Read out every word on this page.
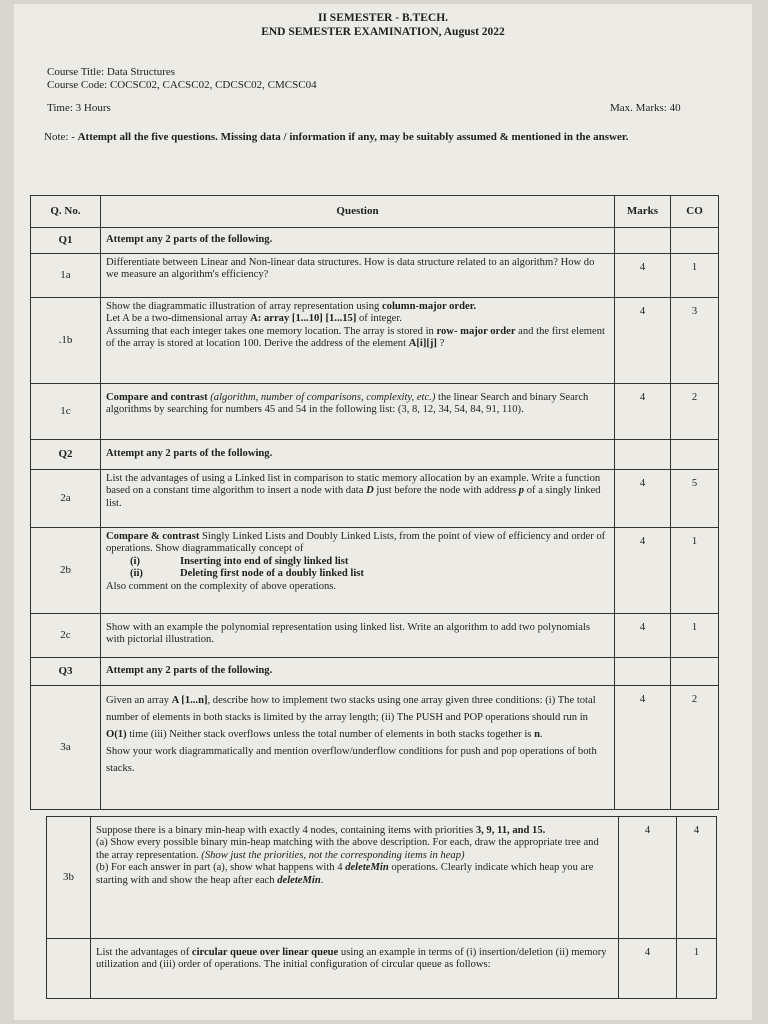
II SEMESTER - B.TECH.
END SEMESTER EXAMINATION, August 2022
Course Title: Data Structures
Course Code: COCSC02, CACSC02, CDCSC02, CMCSC04
Time: 3 Hours	Max. Marks: 40
Note: - Attempt all the five questions. Missing data / information if any, may be suitably assumed & mentioned in the answer.
Q. No.	Question	Marks	CO
Q1	Attempt any 2 parts of the following.		
1a	Differentiate between Linear and Non-linear data structures. How is data structure related to an algorithm? How do we measure an algorithm's efficiency?	4	1
.1b	Show the diagrammatic illustration of array representation using column-major order.
Let A be a two-dimensional array A: array [1...10] [1...15] of integer.
Assuming that each integer takes one memory location. The array is stored in row- major order and the first element of the array is stored at location 100. Derive the address of the element A[i][j] ?	4	3
1c	Compare and contrast (algorithm, number of comparisons, complexity, etc.) the linear Search and binary Search algorithms by searching for numbers 45 and 54 in the following list: (3, 8, 12, 34, 54, 84, 91, 110).	4	2
Q2	Attempt any 2 parts of the following.		
2a	List the advantages of using a Linked list in comparison to static memory allocation by an example. Write a function based on a constant time algorithm to insert a node with data D just before the node with address p of a singly linked list.	4	5
2b	Compare & contrast Singly Linked Lists and Doubly Linked Lists, from the point of view of efficiency and order of operations. Show diagrammatically concept of
(i) Inserting into end of singly linked list
(ii) Deleting first node of a doubly linked list
Also comment on the complexity of above operations.	4	1
2c	Show with an example the polynomial representation using linked list. Write an algorithm to add two polynomials with pictorial illustration.	4	1
Q3	Attempt any 2 parts of the following.		
3a	Given an array A [1...n], describe how to implement two stacks using one array given three conditions: (i) The total number of elements in both stacks is limited by the array length; (ii) The PUSH and POP operations should run in O(1) time (iii) Neither stack overflows unless the total number of elements in both stacks together is n.
Show your work diagrammatically and mention overflow/underflow conditions for push and pop operations of both stacks.	4	2
3b	Suppose there is a binary min-heap with exactly 4 nodes, containing items with priorities 3, 9, 11, and 15.
(a) Show every possible binary min-heap matching with the above description. For each, draw the appropriate tree and the array representation. (Show just the priorities, not the corresponding items in heap)
(b) For each answer in part (a), show what happens with 4 deleteMin operations. Clearly indicate which heap you are starting with and show the heap after each deleteMin.	4	4
	List the advantages of circular queue over linear queue using an example in terms of (i) insertion/deletion (ii) memory utilization and (iii) order of operations. The initial configuration of circular queue as follows:	4	1
